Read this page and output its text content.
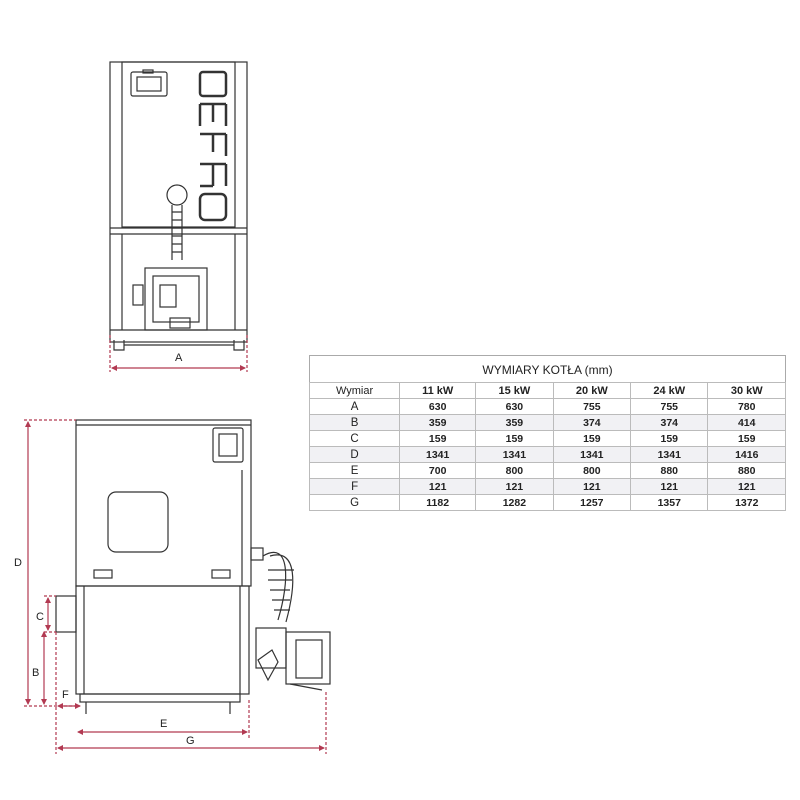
A
D
C
B
F
E
G
WYMIARY KOTŁA (mm)
Wymiar	11 kW	15 kW	20 kW	24 kW	30 kW
A	630	630	755	755	780
B	359	359	374	374	414
C	159	159	159	159	159
D	1341	1341	1341	1341	1416
E	700	800	800	880	880
F	121	121	121	121	121
G	1182	1282	1257	1357	1372
